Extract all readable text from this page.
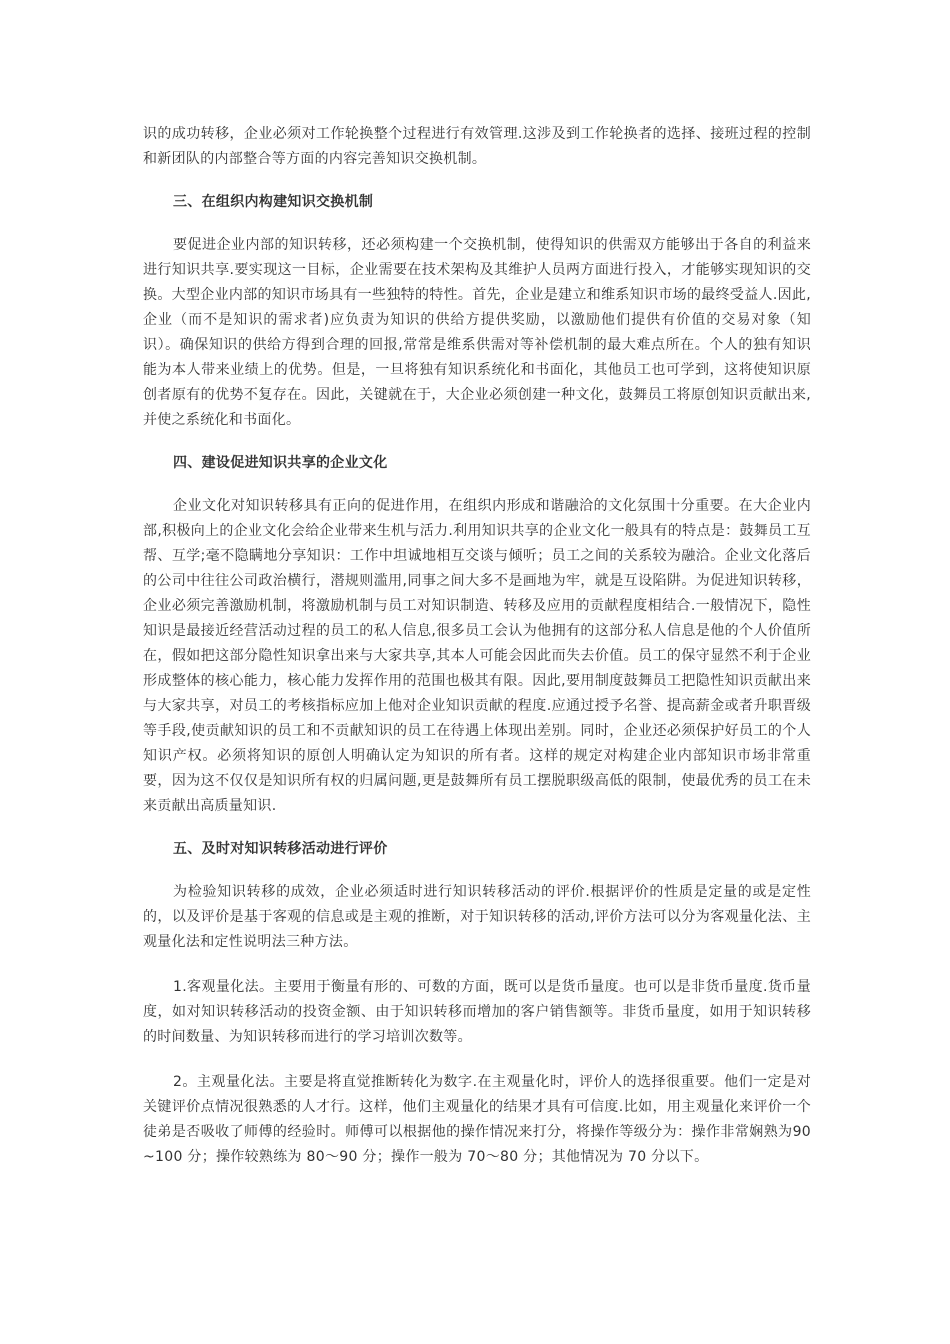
识的成功转移，企业必须对工作轮换整个过程进行有效管理.这涉及到工作轮换者的选择、接班过程的控制和新团队的内部整合等方面的内容完善知识交换机制。

三、在组织内构建知识交换机制

要促进企业内部的知识转移，还必须构建一个交换机制，使得知识的供需双方能够出于各自的利益来进行知识共享.要实现这一目标，企业需要在技术架构及其维护人员两方面进行投入，才能够实现知识的交换。大型企业内部的知识市场具有一些独特的特性。首先，企业是建立和维系知识市场的最终受益人.因此,企业（而不是知识的需求者)应负责为知识的供给方提供奖励，以激励他们提供有价值的交易对象（知识）。确保知识的供给方得到合理的回报,常常是维系供需对等补偿机制的最大难点所在。个人的独有知识能为本人带来业绩上的优势。但是，一旦将独有知识系统化和书面化，其他员工也可学到，这将使知识原创者原有的优势不复存在。因此，关键就在于，大企业必须创建一种文化，鼓舞员工将原创知识贡献出来,并使之系统化和书面化。

四、建设促进知识共享的企业文化

企业文化对知识转移具有正向的促进作用，在组织内形成和谐融洽的文化氛围十分重要。在大企业内部,积极向上的企业文化会给企业带来生机与活力.利用知识共享的企业文化一般具有的特点是：鼓舞员工互帮、互学;毫不隐瞒地分享知识：工作中坦诚地相互交谈与倾听；员工之间的关系较为融洽。企业文化落后的公司中往往公司政治横行，潜规则滥用,同事之间大多不是画地为牢，就是互设陷阱。为促进知识转移，企业必须完善激励机制，将激励机制与员工对知识制造、转移及应用的贡献程度相结合.一般情况下，隐性知识是最接近经营活动过程的员工的私人信息,很多员工会认为他拥有的这部分私人信息是他的个人价值所在，假如把这部分隐性知识拿出来与大家共享,其本人可能会因此而失去价值。员工的保守显然不利于企业形成整体的核心能力，核心能力发挥作用的范围也极其有限。因此,要用制度鼓舞员工把隐性知识贡献出来与大家共享，对员工的考核指标应加上他对企业知识贡献的程度.应通过授予名誉、提高薪金或者升职晋级等手段,使贡献知识的员工和不贡献知识的员工在待遇上体现出差别。同时，企业还必须保护好员工的个人知识产权。必须将知识的原创人明确认定为知识的所有者。这样的规定对构建企业内部知识市场非常重要，因为这不仅仅是知识所有权的归属问题,更是鼓舞所有员工摆脱职级高低的限制，使最优秀的员工在未来贡献出高质量知识.

五、及时对知识转移活动进行评价

为检验知识转移的成效，企业必须适时进行知识转移活动的评价.根据评价的性质是定量的或是定性的，以及评价是基于客观的信息或是主观的推断，对于知识转移的活动,评价方法可以分为客观量化法、主观量化法和定性说明法三种方法。

1.客观量化法。主要用于衡量有形的、可数的方面，既可以是货币量度。也可以是非货币量度.货币量度，如对知识转移活动的投资金额、由于知识转移而增加的客户销售额等。非货币量度，如用于知识转移的时间数量、为知识转移而进行的学习培训次数等。

2。主观量化法。主要是将直觉推断转化为数字.在主观量化时，评价人的选择很重要。他们一定是对关键评价点情况很熟悉的人才行。这样，他们主观量化的结果才具有可信度.比如，用主观量化来评价一个徒弟是否吸收了师傅的经验时。师傅可以根据他的操作情况来打分，将操作等级分为：操作非常娴熟为90~100 分；操作较熟练为 80～90 分；操作一般为 70～80 分；其他情况为 70 分以下。
